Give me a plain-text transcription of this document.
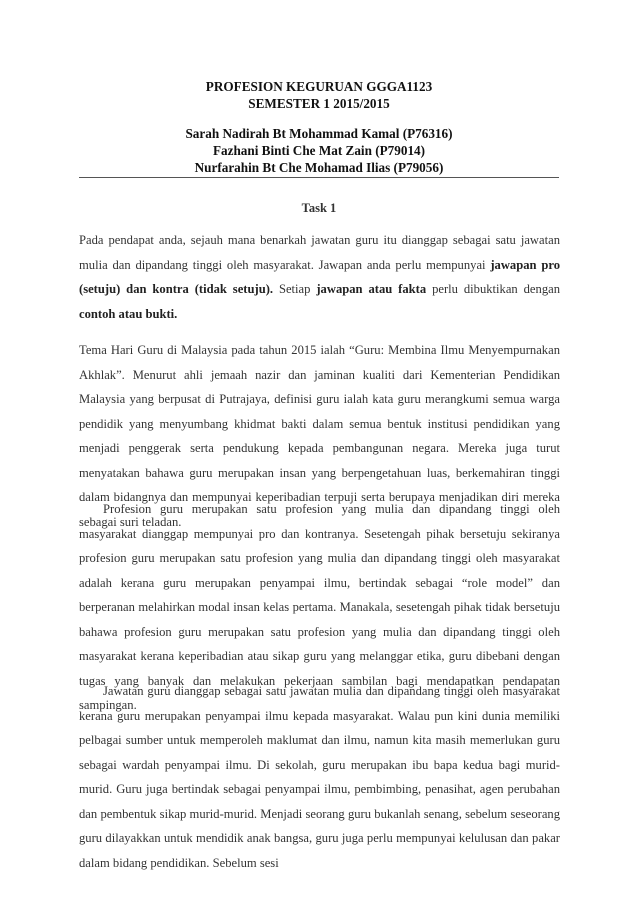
PROFESION KEGURUAN GGGA1123
SEMESTER 1 2015/2015
Sarah Nadirah Bt Mohammad Kamal (P76316)
Fazhani Binti Che Mat Zain (P79014)
Nurfarahin Bt Che Mohamad Ilias (P79056)
Task 1

Pada pendapat anda, sejauh mana benarkah jawatan guru itu dianggap sebagai satu jawatan mulia dan dipandang tinggi oleh masyarakat. Jawapan anda perlu mempunyai jawapan pro (setuju) dan kontra (tidak setuju). Setiap jawapan atau fakta perlu dibuktikan dengan contoh atau bukti.

Tema Hari Guru di Malaysia pada tahun 2015 ialah “Guru: Membina Ilmu Menyempurnakan Akhlak”. Menurut ahli jemaah nazir dan jaminan kualiti dari Kementerian Pendidikan Malaysia yang berpusat di Putrajaya, definisi guru ialah kata guru merangkumi semua warga pendidik yang menyumbang khidmat bakti dalam semua bentuk institusi pendidikan yang menjadi penggerak serta pendukung kepada pembangunan negara. Mereka juga turut menyatakan bahawa guru merupakan insan yang berpengetahuan luas, berkemahiran tinggi dalam bidangnya dan mempunyai keperibadian terpuji serta berupaya menjadikan diri mereka sebagai suri teladan.

Profesion guru merupakan satu profesion yang mulia dan dipandang tinggi oleh masyarakat dianggap mempunyai pro dan kontranya. Sesetengah pihak bersetuju sekiranya profesion guru merupakan satu profesion yang mulia dan dipandang tinggi oleh masyarakat adalah kerana guru merupakan penyampai ilmu, bertindak sebagai “role model” dan berperanan melahirkan modal insan kelas pertama. Manakala, sesetengah pihak tidak bersetuju bahawa profesion guru merupakan satu profesion yang mulia dan dipandang tinggi oleh masyarakat kerana keperibadian atau sikap guru yang melanggar etika, guru dibebani dengan tugas yang banyak dan melakukan pekerjaan sambilan bagi mendapatkan pendapatan sampingan.

Jawatan guru dianggap sebagai satu jawatan mulia dan dipandang tinggi oleh masyarakat kerana guru merupakan penyampai ilmu kepada masyarakat. Walau pun kini dunia memiliki pelbagai sumber untuk memperoleh maklumat dan ilmu, namun kita masih memerlukan guru sebagai wardah penyampai ilmu. Di sekolah, guru merupakan ibu bapa kedua bagi murid-murid. Guru juga bertindak sebagai penyampai ilmu, pembimbing, penasihat, agen perubahan dan pembentuk sikap murid-murid. Menjadi seorang guru bukanlah senang, sebelum seseorang guru dilayakkan untuk mendidik anak bangsa, guru juga perlu mempunyai kelulusan dan pakar dalam bidang pendidikan. Sebelum sesi
